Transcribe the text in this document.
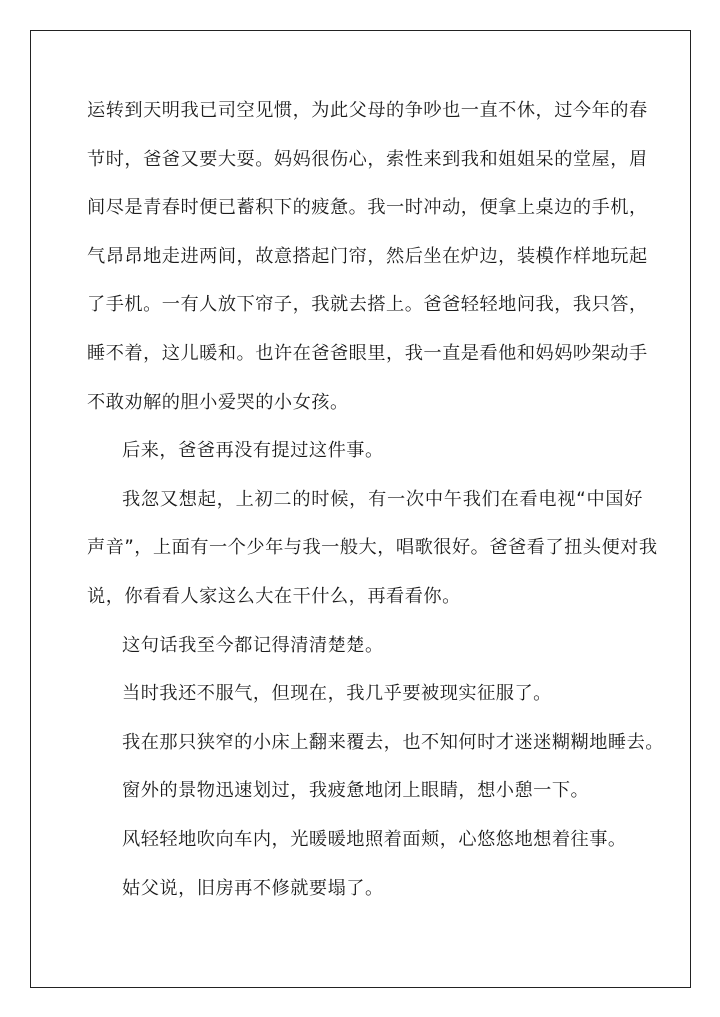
运转到天明我已司空见惯，为此父母的争吵也一直不休，过今年的春
节时，爸爸又要大耍。妈妈很伤心，索性来到我和姐姐呆的堂屋，眉
间尽是青春时便已蓄积下的疲惫。我一时冲动，便拿上桌边的手机，
气昂昂地走进两间，故意搭起门帘，然后坐在炉边，装模作样地玩起
了手机。一有人放下帘子，我就去搭上。爸爸轻轻地问我，我只答，
睡不着，这儿暖和。也许在爸爸眼里，我一直是看他和妈妈吵架动手
不敢劝解的胆小爱哭的小女孩。
后来，爸爸再没有提过这件事。
我忽又想起，上初二的时候，有一次中午我们在看电视“中国好
声音”，上面有一个少年与我一般大，唱歌很好。爸爸看了扭头便对我
说，你看看人家这么大在干什么，再看看你。
这句话我至今都记得清清楚楚。
当时我还不服气，但现在，我几乎要被现实征服了。
我在那只狭窄的小床上翻来覆去，也不知何时才迷迷糊糊地睡去。
窗外的景物迅速划过，我疲惫地闭上眼睛，想小憩一下。
风轻轻地吹向车内，光暖暖地照着面颊，心悠悠地想着往事。
姑父说，旧房再不修就要塌了。
